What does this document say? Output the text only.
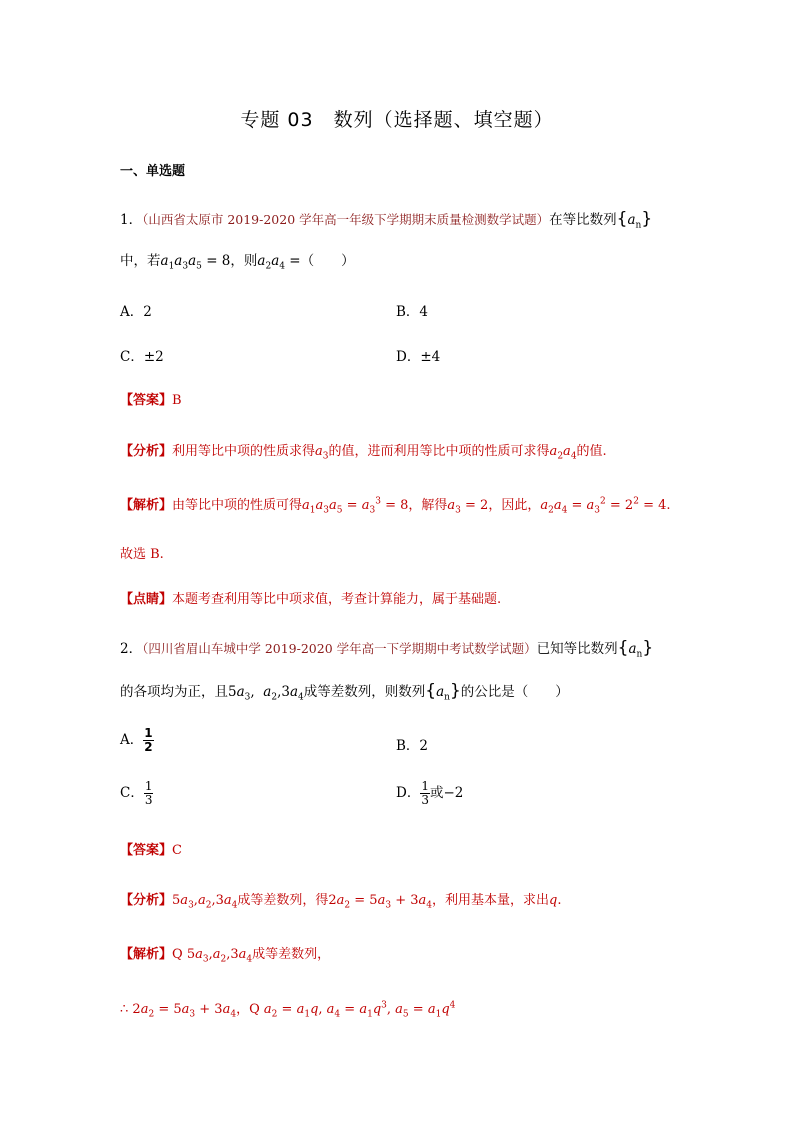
专题 03　数列（选择题、填空题）
一、单选题
1．（山西省太原市 2019-2020 学年高一年级下学期期末质量检测数学试题）在等比数列$\{a_n\}$
中，若$a_1a_3a_5 = 8$，则$a_2a_4$ =（　　）
A．2	B．4
C．±2	D．±4
【答案】B
【分析】利用等比中项的性质求得$a_3$的值，进而利用等比中项的性质可求得$a_2a_4$的值.
【解析】由等比中项的性质可得$a_1a_3a_5 = a_3^3 = 8$，解得$a_3 = 2$，因此，$a_2a_4 = a_3^2 = 2^2 = 4$.
故选 B.
【点睛】本题考查利用等比中项求值，考查计算能力，属于基础题.
2．（四川省眉山车城中学 2019-2020 学年高一下学期期中考试数学试题）已知等比数列$\{a_n\}$
的各项均为正，且$5a_3$,  $a_2,3a_4$成等差数列，则数列$\{a_n\}$的公比是（　　）
A． $\frac{1}{2}$	B．2
C． $\frac{1}{3}$	D． $\frac{1}{3}$ 或−2
【答案】C
【分析】$5a_3,a_2,3a_4$成等差数列，得$2a_2 = 5a_3 + 3a_4$，利用基本量，求出q.
【解析】Q $5a_3,a_2,3a_4$成等差数列，
∴ $2a_2 = 5a_3 + 3a_4$，Q $a_2 = a_1q$, $a_4 = a_1q^3$, $a_5 = a_1q^4$
